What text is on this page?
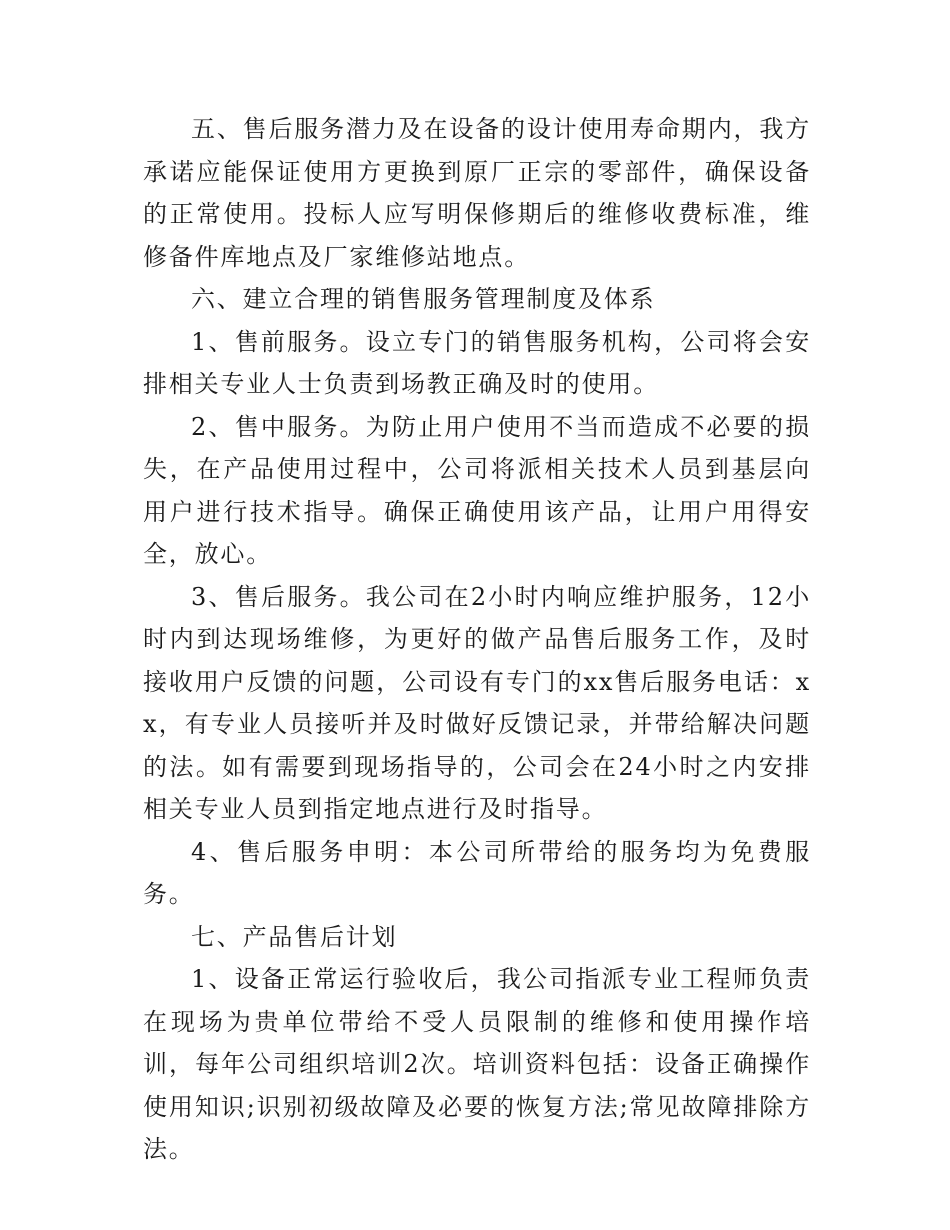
五、售后服务潜力及在设备的设计使用寿命期内，我方承诺应能保证使用方更换到原厂正宗的零部件，确保设备的正常使用。投标人应写明保修期后的维修收费标准，维修备件库地点及厂家维修站地点。

六、建立合理的销售服务管理制度及体系

1、售前服务。设立专门的销售服务机构，公司将会安排相关专业人士负责到场教正确及时的使用。

2、售中服务。为防止用户使用不当而造成不必要的损失，在产品使用过程中，公司将派相关技术人员到基层向用户进行技术指导。确保正确使用该产品，让用户用得安全，放心。

3、售后服务。我公司在2小时内响应维护服务，12小时内到达现场维修，为更好的做产品售后服务工作，及时接收用户反馈的问题，公司设有专门的xx售后服务电话：xx，有专业人员接听并及时做好反馈记录，并带给解决问题的法。如有需要到现场指导的，公司会在24小时之内安排相关专业人员到指定地点进行及时指导。

4、售后服务申明：本公司所带给的服务均为免费服务。

七、产品售后计划

1、设备正常运行验收后，我公司指派专业工程师负责在现场为贵单位带给不受人员限制的维修和使用操作培训，每年公司组织培训2次。培训资料包括：设备正确操作使用知识;识别初级故障及必要的恢复方法;常见故障排除方法。
